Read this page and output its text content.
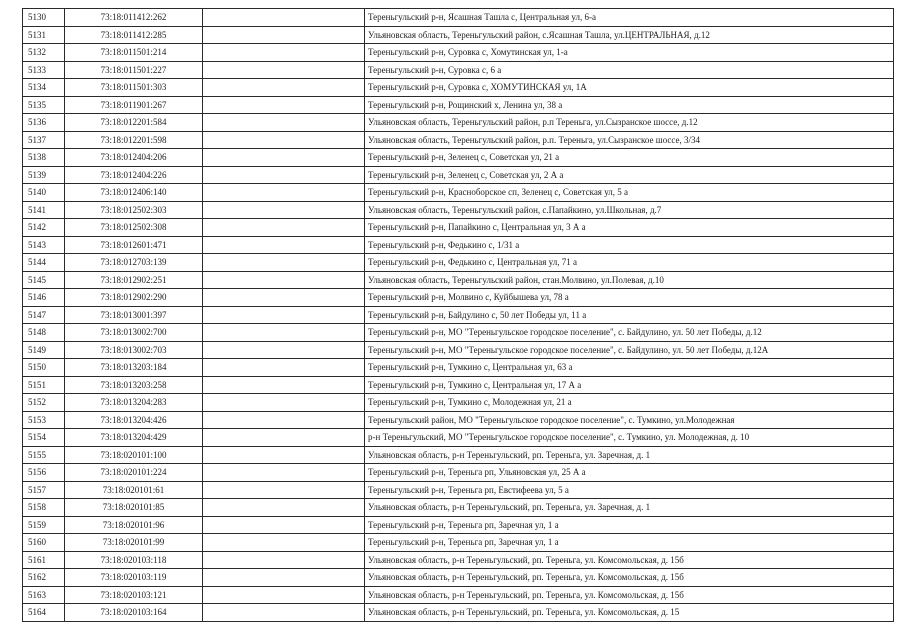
5130	73:18:011412:262		Тереньгульский р-н, Ясашная Ташла с, Центральная ул, 6-а
5131	73:18:011412:285		Ульяновская область, Тереньгульский район, с.Ясашная Ташла, ул.ЦЕНТРАЛЬНАЯ, д.12
5132	73:18:011501:214		Тереньгульский р-н, Суровка с, Хомутинская ул, 1-а
5133	73:18:011501:227		Тереньгульский р-н, Суровка с, 6 а
5134	73:18:011501:303		Тереньгульский р-н, Суровка с, ХОМУТИНСКАЯ ул, 1А
5135	73:18:011901:267		Тереньгульский р-н, Рощинский х, Ленина ул, 38 а
5136	73:18:012201:584		Ульяновская область, Тереньгульский район, р.п Тереньга, ул.Сызранское шоссе, д.12
5137	73:18:012201:598		Ульяновская область, Тереньгульский район, р.п. Тереньга, ул.Сызранское шоссе, 3/34
5138	73:18:012404:206		Тереньгульский р-н, Зеленец с, Советская ул, 21 а
5139	73:18:012404:226		Тереньгульский р-н, Зеленец с, Советская ул, 2 А а
5140	73:18:012406:140		Тереньгульский р-н, Красноборское сп, Зеленец с, Советская ул, 5 а
5141	73:18:012502:303		Ульяновская область, Тереньгульский район, с.Папайкино, ул.Школьная, д.7
5142	73:18:012502:308		Тереньгульский р-н, Папайкино с, Центральная ул, 3 А а
5143	73:18:012601:471		Тереньгульский р-н, Федькино с, 1/31 а
5144	73:18:012703:139		Тереньгульский р-н, Федькино с, Центральная ул, 71 а
5145	73:18:012902:251		Ульяновская область, Тереньгульский район, стан.Молвино, ул.Полевая, д.10
5146	73:18:012902:290		Тереньгульский р-н, Молвино с, Куйбышева ул, 78 а
5147	73:18:013001:397		Тереньгульский р-н, Байдулино с, 50 лет Победы ул, 11 а
5148	73:18:013002:700		Тереньгульский р-н, МО "Тереньгульское городское поселение", с. Байдулино, ул. 50 лет Победы, д.12
5149	73:18:013002:703		Тереньгульский р-н, МО "Тереньгульское городское поселение", с. Байдулино, ул. 50 лет Победы, д.12А
5150	73:18:013203:184		Тереньгульский р-н, Тумкино с, Центральная ул, 63 а
5151	73:18:013203:258		Тереньгульский р-н, Тумкино с, Центральная ул, 17 А а
5152	73:18:013204:283		Тереньгульский р-н, Тумкино с, Молодежная ул, 21 а
5153	73:18:013204:426		Тереньгульский район, МО "Тереньгульское городское поселение", с. Тумкино, ул.Молодежная
5154	73:18:013204:429		р-н Тереньгульский, МО "Тереньгульское городское поселение", с. Тумкино, ул. Молодежная, д. 10
5155	73:18:020101:100		Ульяновская область, р-н Тереньгульский, рп. Тереньга, ул. Заречная, д. 1
5156	73:18:020101:224		Тереньгульский р-н, Тереньга рп, Ульяновская ул, 25 А а
5157	73:18:020101:61		Тереньгульский р-н, Тереньга рп, Евстифеева ул, 5 а
5158	73:18:020101:85		Ульяновская область, р-н Тереньгульский, рп. Тереньга, ул. Заречная, д. 1
5159	73:18:020101:96		Тереньгульский р-н, Тереньга рп, Заречная ул, 1 а
5160	73:18:020101:99		Тереньгульский р-н, Тереньга рп, Заречная ул, 1 а
5161	73:18:020103:118		Ульяновская область, р-н Тереньгульский, рп. Тереньга, ул. Комсомольская, д. 15б
5162	73:18:020103:119		Ульяновская область, р-н Тереньгульский, рп. Тереньга, ул. Комсомольская, д. 15б
5163	73:18:020103:121		Ульяновская область, р-н Тереньгульский, рп. Тереньга, ул. Комсомольская, д. 15б
5164	73:18:020103:164		Ульяновская область, р-н Тереньгульский, рп. Тереньга, ул. Комсомольская, д. 15
